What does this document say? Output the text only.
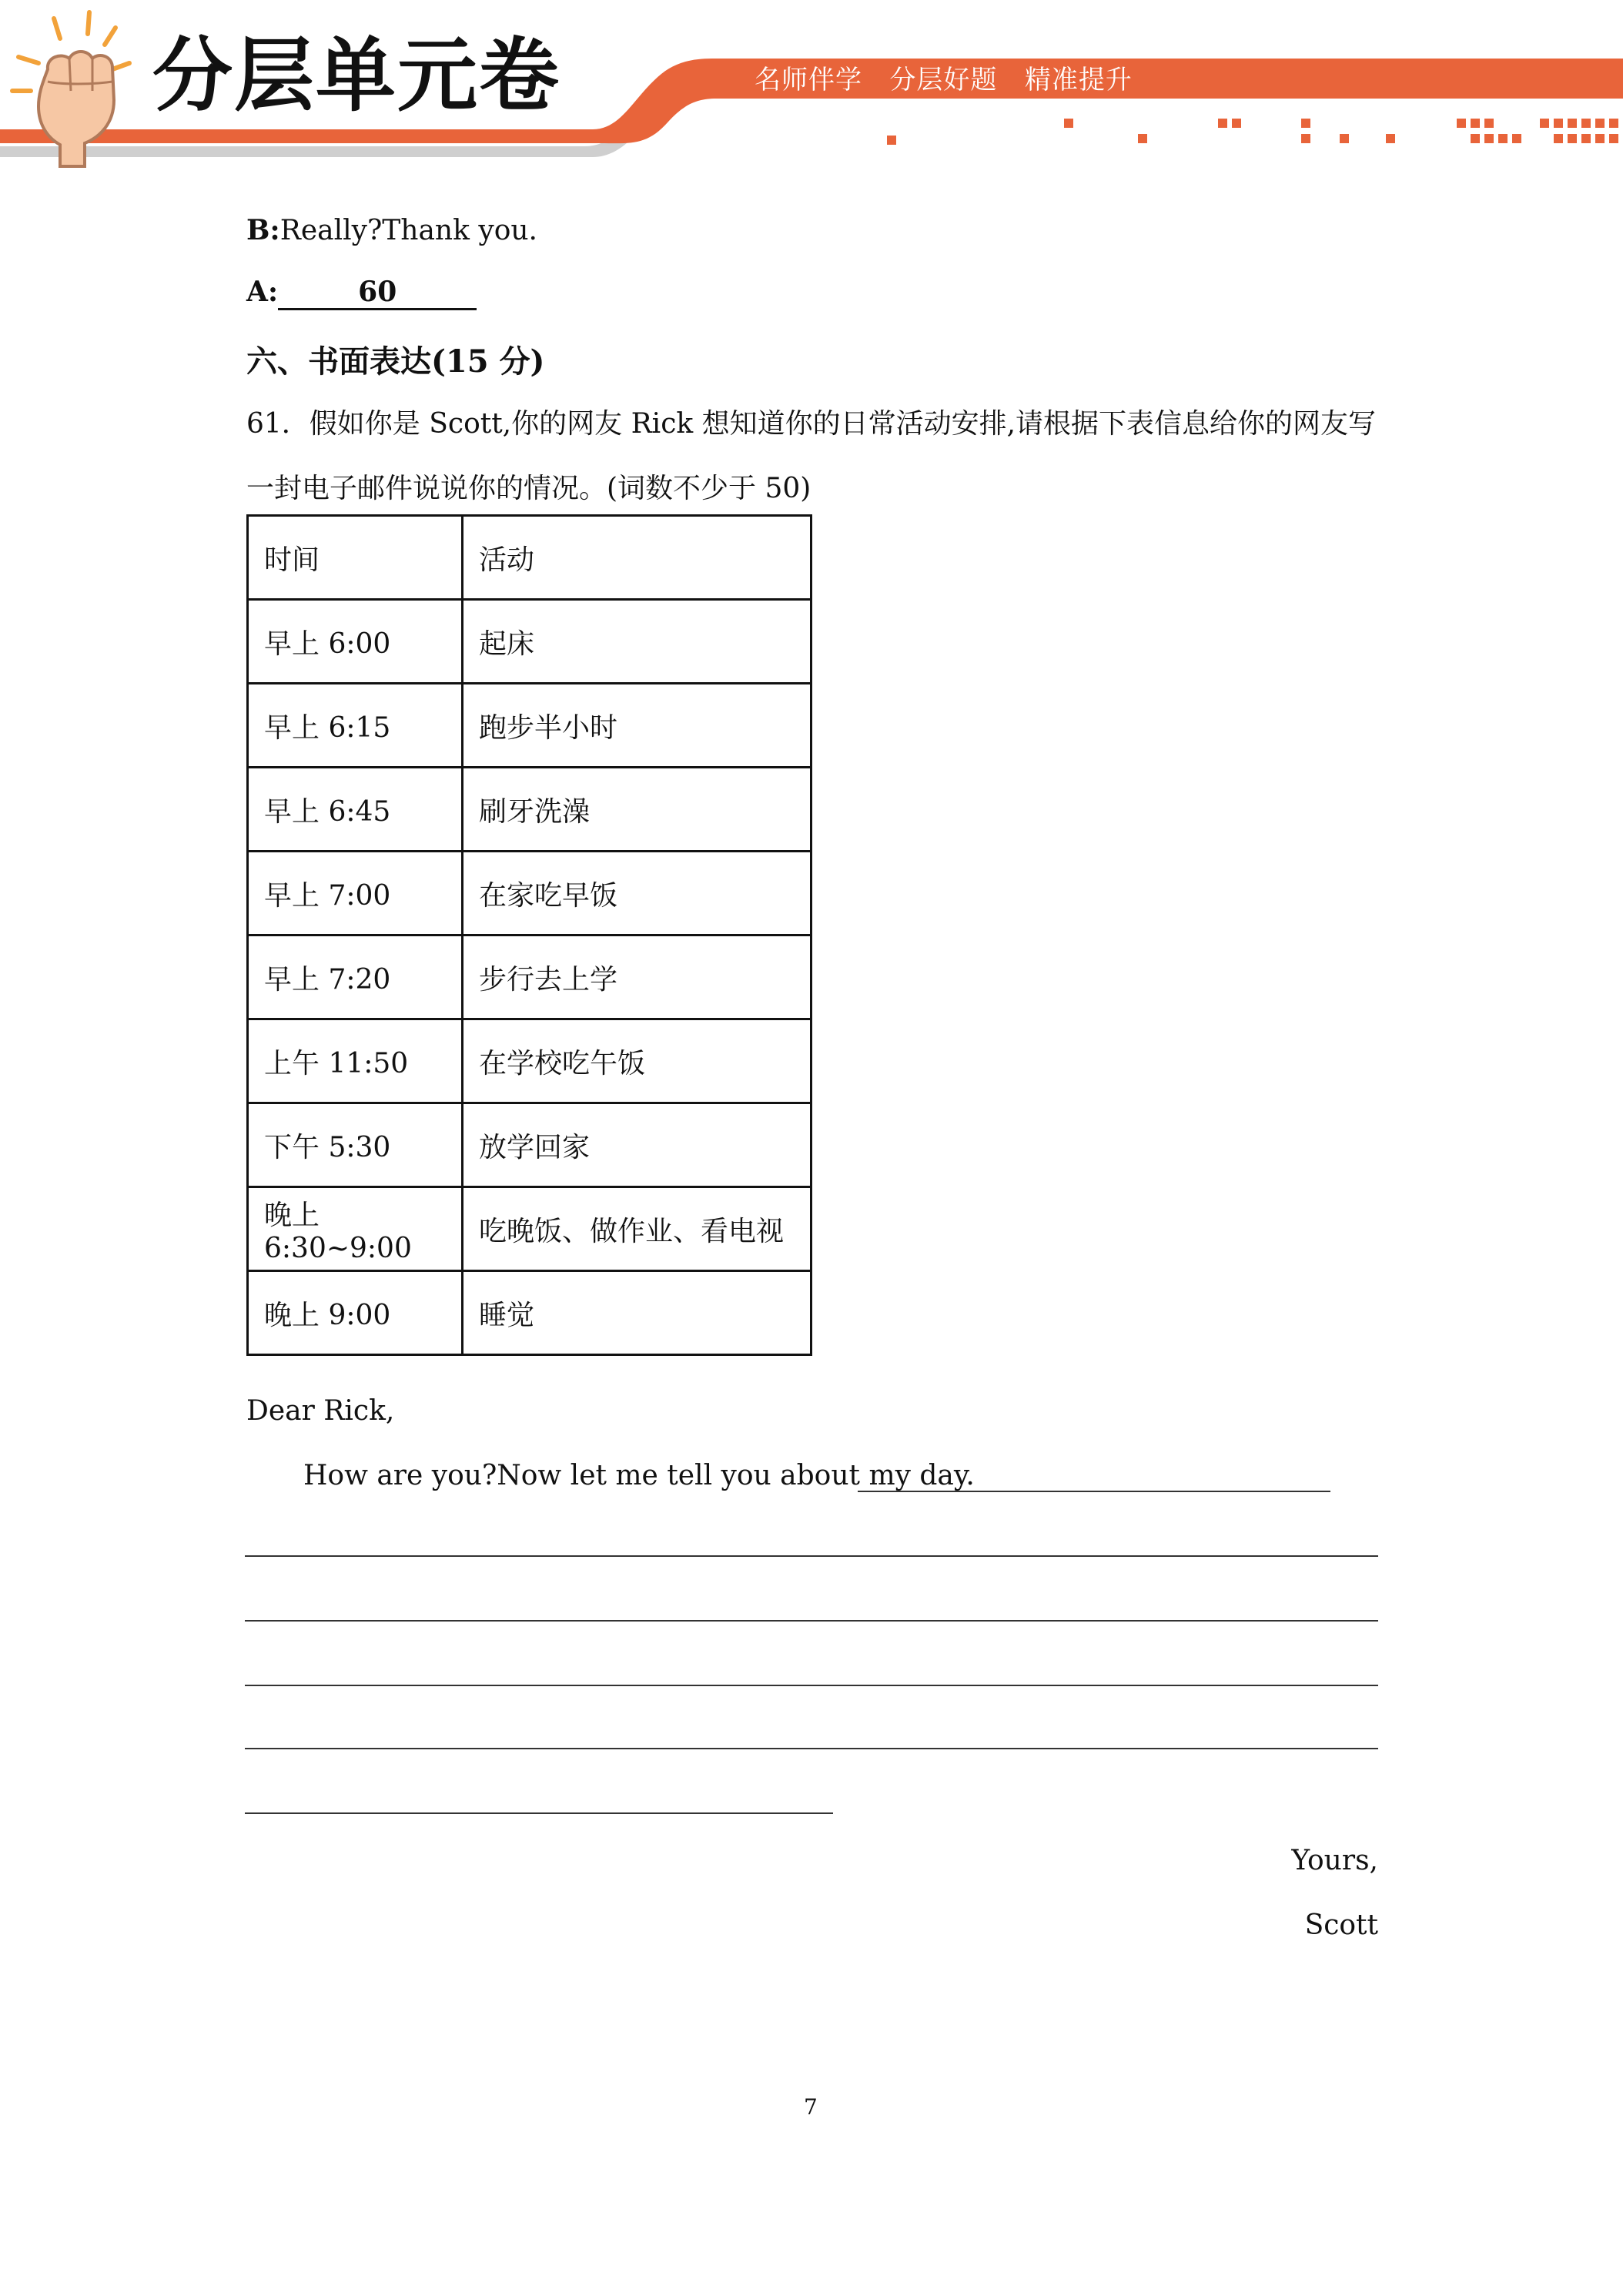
分层单元卷	名师伴学   分层好题   精准提升
B:Really?Thank you.
A:	60
六、书面表达(15 分)
61．假如你是 Scott,你的网友 Rick 想知道你的日常活动安排,请根据下表信息给你的网友写
一封电子邮件说说你的情况。(词数不少于 50)
时间	活动
早上 6:00	起床
早上 6:15	跑步半小时
早上 6:45	刷牙洗澡
早上 7:00	在家吃早饭
早上 7:20	步行去上学
上午 11:50	在学校吃午饭
下午 5:30	放学回家
晚上 6:30~9:00	吃晚饭、做作业、看电视
晚上 9:00	睡觉
Dear Rick,
How are you?Now let me tell you about my day.
Yours,
Scott
7
